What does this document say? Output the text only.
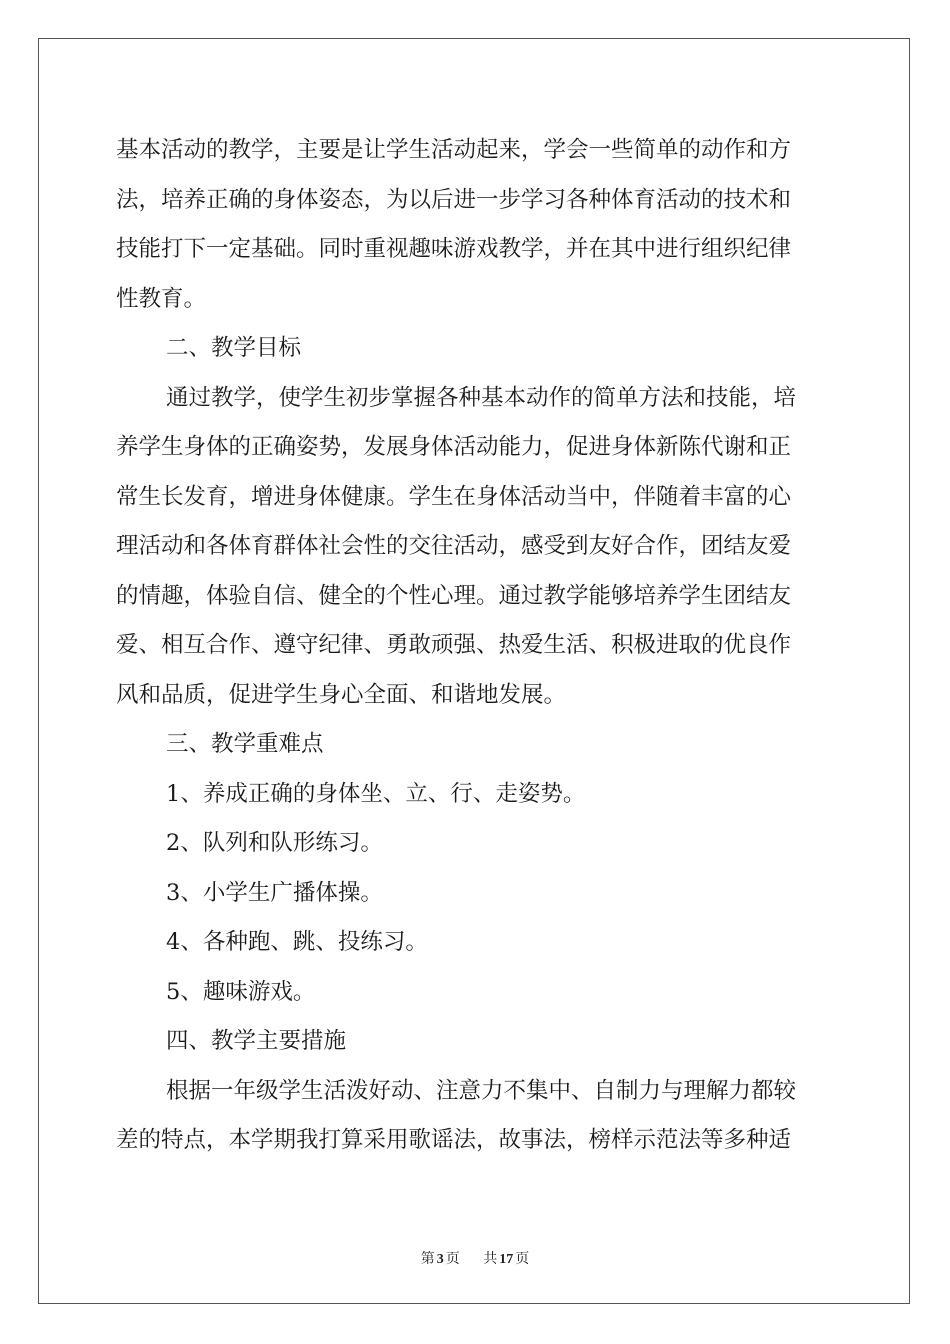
基本活动的教学，主要是让学生活动起来，学会一些简单的动作和方
法，培养正确的身体姿态，为以后进一步学习各种体育活动的技术和
技能打下一定基础。同时重视趣味游戏教学，并在其中进行组织纪律
性教育。
二、教学目标
通过教学，使学生初步掌握各种基本动作的简单方法和技能，培
养学生身体的正确姿势，发展身体活动能力，促进身体新陈代谢和正
常生长发育，增进身体健康。学生在身体活动当中，伴随着丰富的心
理活动和各体育群体社会性的交往活动，感受到友好合作，团结友爱
的情趣，体验自信、健全的个性心理。通过教学能够培养学生团结友
爱、相互合作、遵守纪律、勇敢顽强、热爱生活、积极进取的优良作
风和品质，促进学生身心全面、和谐地发展。
三、教学重难点
1、养成正确的身体坐、立、行、走姿势。
2、队列和队形练习。
3、小学生广播体操。
4、各种跑、跳、投练习。
5、趣味游戏。
四、教学主要措施
根据一年级学生活泼好动、注意力不集中、自制力与理解力都较
差的特点，本学期我打算采用歌谣法，故事法，榜样示范法等多种适
第 3 页 共 17 页
